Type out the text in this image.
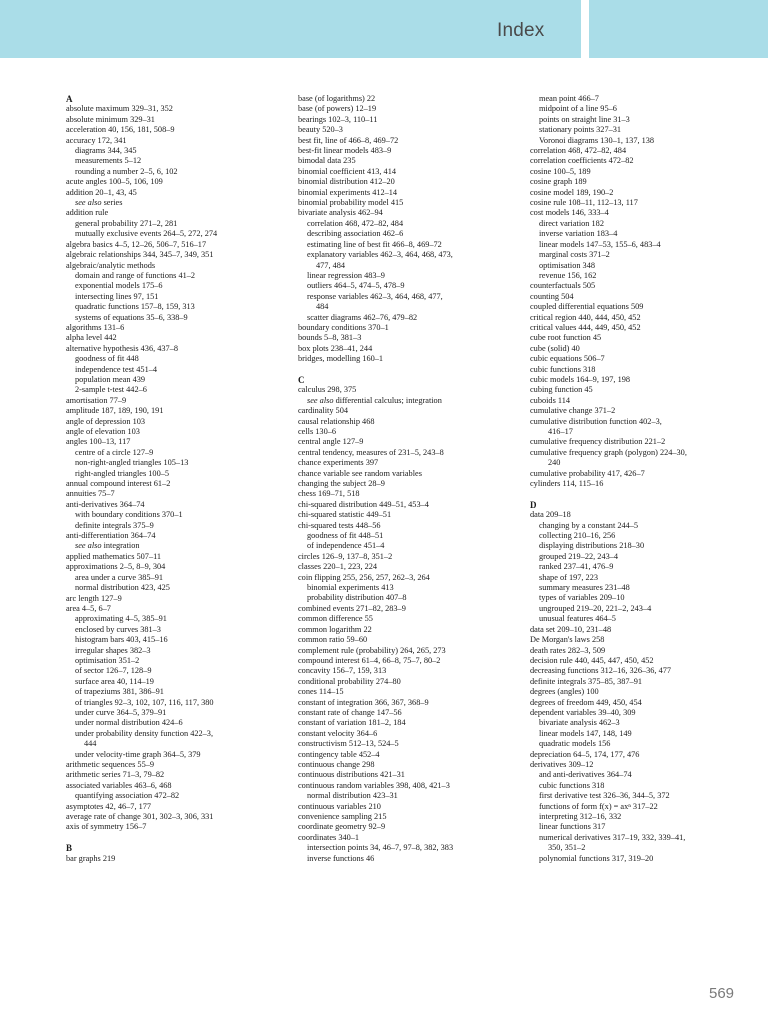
Index
A
absolute maximum 329–31, 352
absolute minimum 329–31
acceleration 40, 156, 181, 508–9
accuracy 172, 341
diagrams 344, 345
measurements 5–12
rounding a number 2–5, 6, 102
acute angles 100–5, 106, 109
addition 20–1, 43, 45
see also series
addition rule
general probability 271–2, 281
mutually exclusive events 264–5, 272, 274
algebra basics 4–5, 12–26, 506–7, 516–17
algebraic relationships 344, 345–7, 349, 351
algebraic/analytic methods
domain and range of functions 41–2
exponential models 175–6
intersecting lines 97, 151
quadratic functions 157–8, 159, 313
systems of equations 35–6, 338–9
algorithms 131–6
alpha level 442
alternative hypothesis 436, 437–8
goodness of fit 448
independence test 451–4
population mean 439
2-sample t-test 442–6
amortisation 77–9
amplitude 187, 189, 190, 191
angle of depression 103
angle of elevation 103
angles 100–13, 117
centre of a circle 127–9
non-right-angled triangles 105–13
right-angled triangles 100–5
annual compound interest 61–2
annuities 75–7
anti-derivatives 364–74
with boundary conditions 370–1
definite integrals 375–9
anti-differentiation 364–74
see also integration
applied mathematics 507–11
approximations 2–5, 8–9, 304
area under a curve 385–91
normal distribution 423, 425
arc length 127–9
area 4–5, 6–7
approximating 4–5, 385–91
enclosed by curves 381–3
histogram bars 403, 415–16
irregular shapes 382–3
optimisation 351–2
of sector 126–7, 128–9
surface area 40, 114–19
of trapeziums 381, 386–91
of triangles 92–3, 102, 107, 116, 117, 380
under curve 364–5, 379–91
under normal distribution 424–6
under probability density function 422–3,
444
under velocity-time graph 364–5, 379
arithmetic sequences 55–9
arithmetic series 71–3, 79–82
associated variables 463–6, 468
quantifying association 472–82
asymptotes 42, 46–7, 177
average rate of change 301, 302–3, 306, 331
axis of symmetry 156–7
B
bar graphs 219
base (of logarithms) 22
base (of powers) 12–19
bearings 102–3, 110–11
beauty 520–3
best fit, line of 466–8, 469–72
best-fit linear models 483–9
bimodal data 235
binomial coefficient 413, 414
binomial distribution 412–20
binomial experiments 412–14
binomial probability model 415
bivariate analysis 462–94
correlation 468, 472–82, 484
describing association 462–6
estimating line of best fit 466–8, 469–72
explanatory variables 462–3, 464, 468, 473,
477, 484
linear regression 483–9
outliers 464–5, 474–5, 478–9
response variables 462–3, 464, 468, 477,
484
scatter diagrams 462–76, 479–82
boundary conditions 370–1
bounds 5–8, 381–3
box plots 238–41, 244
bridges, modelling 160–1
C
calculus 298, 375
see also differential calculus; integration
cardinality 504
causal relationship 468
cells 130–6
central angle 127–9
central tendency, measures of 231–5, 243–8
chance experiments 397
chance variable see random variables
changing the subject 28–9
chess 169–71, 518
chi-squared distribution 449–51, 453–4
chi-squared statistic 449–51
chi-squared tests 448–56
goodness of fit 448–51
of independence 451–4
circles 126–9, 137–8, 351–2
classes 220–1, 223, 224
coin flipping 255, 256, 257, 262–3, 264
binomial experiments 413
probability distribution 407–8
combined events 271–82, 283–9
common difference 55
common logarithm 22
common ratio 59–60
complement rule (probability) 264, 265, 273
compound interest 61–4, 66–8, 75–7, 80–2
concavity 156–7, 159, 313
conditional probability 274–80
cones 114–15
constant of integration 366, 367, 368–9
constant rate of change 147–56
constant of variation 181–2, 184
constant velocity 364–6
constructivism 512–13, 524–5
contingency table 452–4
continuous change 298
continuous distributions 421–31
continuous random variables 398, 408, 421–3
normal distribution 423–31
continuous variables 210
convenience sampling 215
coordinate geometry 92–9
coordinates 340–1
intersection points 34, 46–7, 97–8, 382, 383
inverse functions 46
mean point 466–7
midpoint of a line 95–6
points on straight line 31–3
stationary points 327–31
Voronoi diagrams 130–1, 137, 138
correlation 468, 472–82, 484
correlation coefficients 472–82
cosine 100–5, 189
cosine graph 189
cosine model 189, 190–2
cosine rule 108–11, 112–13, 117
cost models 146, 333–4
direct variation 182
inverse variation 183–4
linear models 147–53, 155–6, 483–4
marginal costs 371–2
optimisation 348
revenue 156, 162
counterfactuals 505
counting 504
coupled differential equations 509
critical region 440, 444, 450, 452
critical values 444, 449, 450, 452
cube root function 45
cube (solid) 40
cubic equations 506–7
cubic functions 318
cubic models 164–9, 197, 198
cubing function 45
cuboids 114
cumulative change 371–2
cumulative distribution function 402–3,
416–17
cumulative frequency distribution 221–2
cumulative frequency graph (polygon) 224–30,
240
cumulative probability 417, 426–7
cylinders 114, 115–16
D
data 209–18
changing by a constant 244–5
collecting 210–16, 256
displaying distributions 218–30
grouped 219–22, 243–4
ranked 237–41, 476–9
shape of 197, 223
summary measures 231–48
types of variables 209–10
ungrouped 219–20, 221–2, 243–4
unusual features 464–5
data set 209–10, 231–48
De Morgan's laws 258
death rates 282–3, 509
decision rule 440, 445, 447, 450, 452
decreasing functions 312–16, 326–36, 477
definite integrals 375–85, 387–91
degrees (angles) 100
degrees of freedom 449, 450, 454
dependent variables 39–40, 309
bivariate analysis 462–3
linear models 147, 148, 149
quadratic models 156
depreciation 64–5, 174, 177, 476
derivatives 309–12
and anti-derivatives 364–74
cubic functions 318
first derivative test 326–36, 344–5, 372
functions of form f(x) = axⁿ 317–22
interpreting 312–16, 332
linear functions 317
numerical derivatives 317–19, 332, 339–41,
350, 351–2
polynomial functions 317, 319–20
569
